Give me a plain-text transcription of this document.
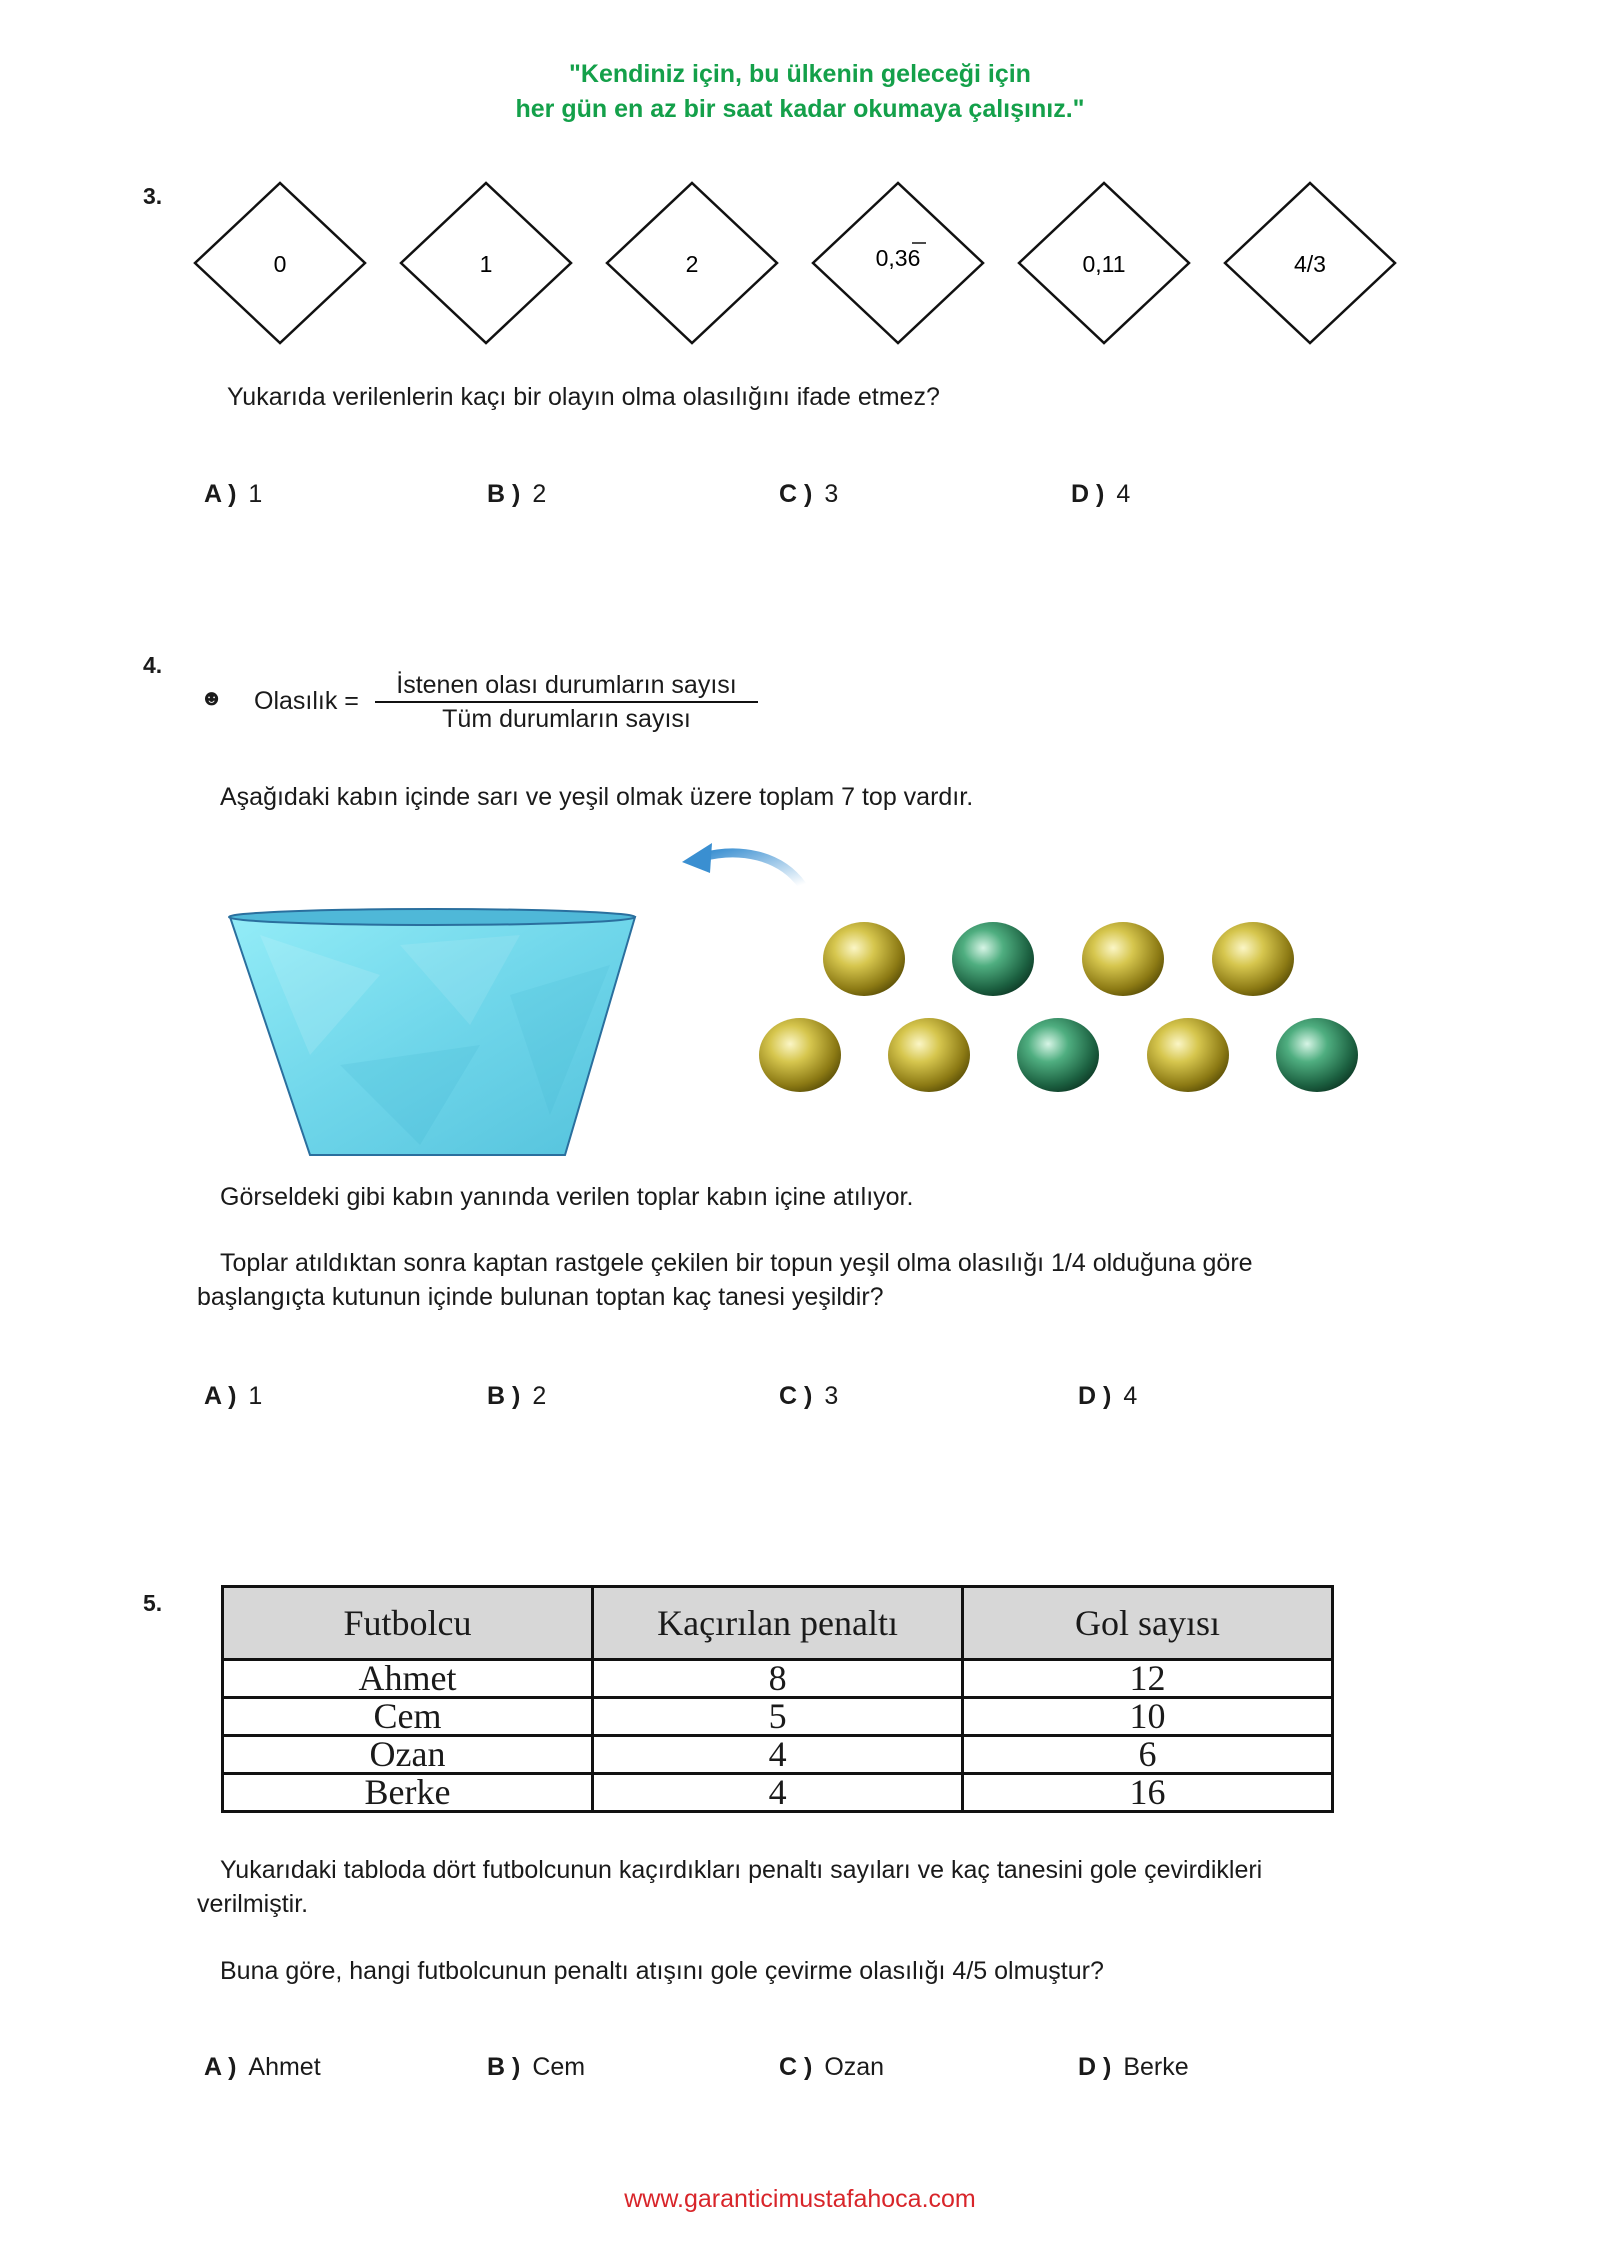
"Kendiniz için, bu ülkenin geleceği için
her gün en az bir saat kadar okumaya çalışınız."
3.
0	1	2	0,36	0,11	4/3
Yukarıda verilenlerin kaçı bir olayın olma olasılığını ifade etmez?
A ) 1	B ) 2	C ) 3	D ) 4
4.
☻ Olasılık =
İstenen olası durumların sayısı
Tüm durumların sayısı
Aşağıdaki kabın içinde sarı ve yeşil olmak üzere toplam 7 top vardır.
Görseldeki gibi kabın yanında verilen toplar kabın içine atılıyor.
Toplar atıldıktan sonra kaptan rastgele çekilen bir topun yeşil olma olasılığı 1/4 olduğuna göre
başlangıçta kutunun içinde bulunan toptan kaç tanesi yeşildir?
A ) 1	B ) 2	C ) 3	D ) 4
5.	Futbolcu	Kaçırılan penaltı	Gol sayısı
Ahmet	8	12
Cem	5	10
Ozan	4	6
Berke	4	16
Yukarıdaki tabloda dört futbolcunun kaçırdıkları penaltı sayıları ve kaç tanesini gole çevirdikleri
verilmiştir.
Buna göre, hangi futbolcunun penaltı atışını gole çevirme olasılığı 4/5 olmuştur?
A ) Ahmet	B ) Cem	C ) Ozan	D ) Berke
www.garanticimustafahoca.com
